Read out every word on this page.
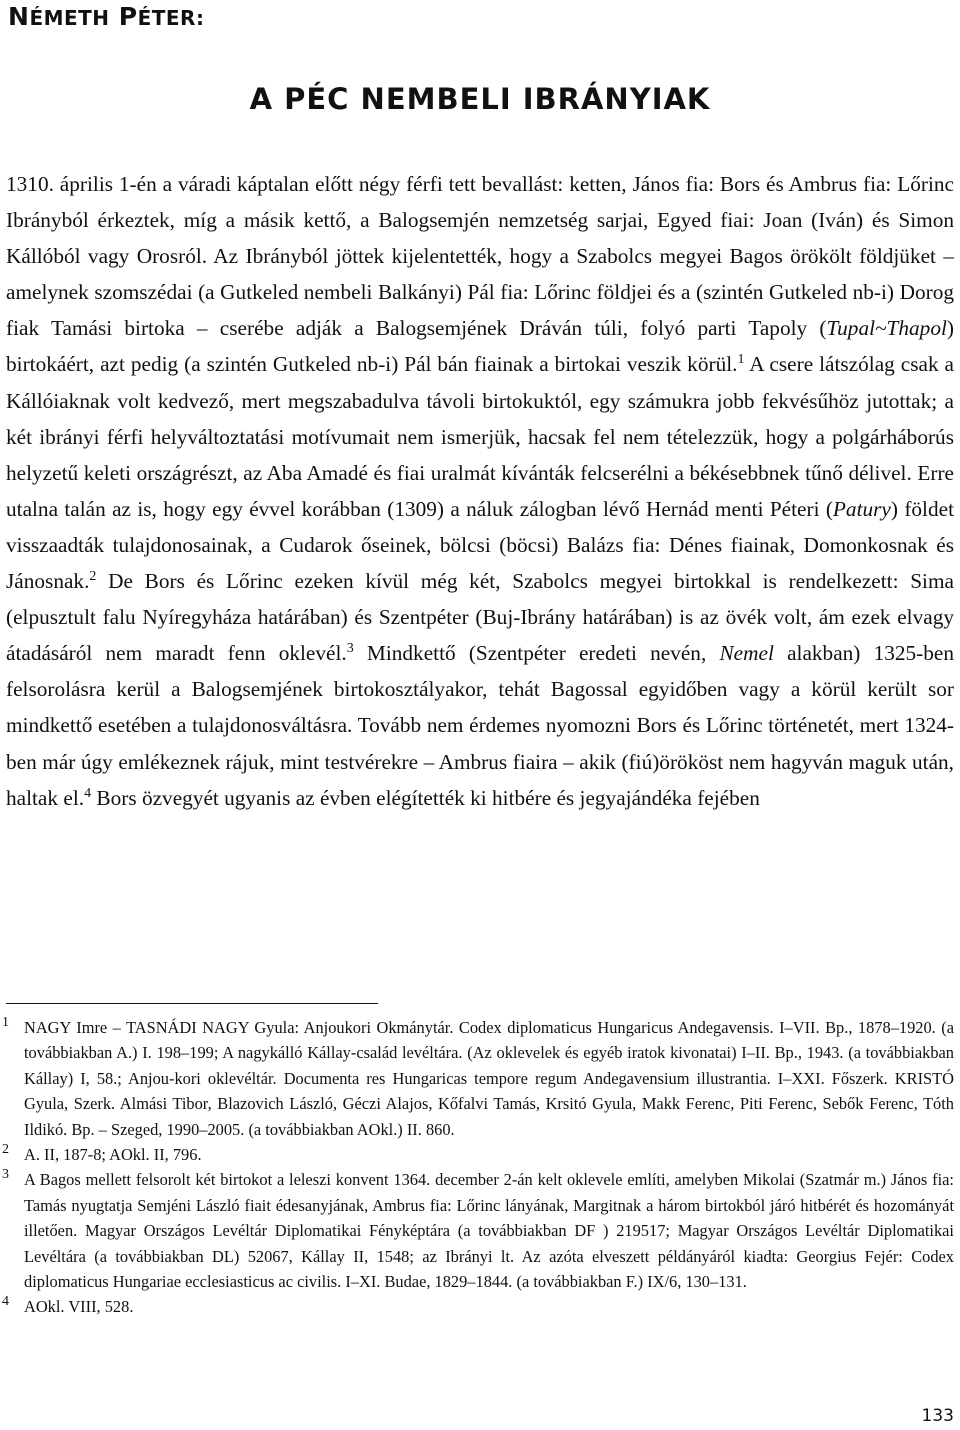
NÉMETH PÉTER:
A PÉC NEMBELI IBRÁNYIAK

1310. április 1-én a váradi káptalan előtt négy férfi tett bevallást: ketten, János fia: Bors és Ambrus fia: Lőrinc Ibrányból érkeztek, míg a másik kettő, a Balogsemjén nemzetség sarjai, Egyed fiai: Joan (Iván) és Simon Kállóból vagy Orosról. Az Ibrányból jöttek kijelentették, hogy a Szabolcs megyei Bagos örökölt földjüket – amelynek szomszédai (a Gutkeled nembeli Balkányi) Pál fia: Lőrinc földjei és a (szintén Gutkeled nb-i) Dorog fiak Tamási birtoka – cserébe adják a Balogsemjének Dráván túli, folyó parti Tapoly (Tupal~Thapol) birtokáért, azt pedig (a szintén Gutkeled nb-i) Pál bán fiainak a birtokai veszik körül.$^1$ A csere látszólag csak a Kállóiaknak volt kedvező, mert megszabadulva távoli birtokuktól, egy számukra jobb fekvésűhöz jutottak; a két ibrányi férfi helyváltoztatási motívumait nem ismerjük, hacsak fel nem tételezzük, hogy a polgárháborús helyzetű keleti országrészt, az Aba Amadé és fiai uralmát kívánták felcserélni a békésebbnek tűnő délivel. Erre utalna talán az is, hogy egy évvel korábban (1309) a náluk zálogban lévő Hernád menti Péteri (Patury) földet visszaadták tulajdonosainak, a Cudarok őseinek, bölcsi (böcsi) Balázs fia: Dénes fiainak, Domonkosnak és Jánosnak.$^2$ De Bors és Lőrinc ezeken kívül még két, Szabolcs megyei birtokkal is rendelkezett: Sima (elpusztult falu Nyíregyháza határában) és Szentpéter (Buj-Ibrány határában) is az övék volt, ám ezek elvagy átadásáról nem maradt fenn oklevél.$^3$ Mindkettő (Szentpéter eredeti nevén, Nemel alakban) 1325-ben felsorolásra kerül a Balogsemjének birtokosztályakor, tehát Bagossal egyidőben vagy a körül került sor mindkettő esetében a tulajdonosváltásra. Tovább nem érdemes nyomozni Bors és Lőrinc történetét, mert 1324-ben már úgy emlékeznek rájuk, mint testvérekre – Ambrus fiaira – akik (fiú)örököst nem hagyván maguk után, haltak el.$^4$ Bors özvegyét ugyanis az évben elégítették ki hitbére és jegyajándéka fejében

1 NAGY Imre – TASNÁDI NAGY Gyula: Anjoukori Okmánytár. Codex diplomaticus Hungaricus Andegavensis. I–VII. Bp., 1878–1920. (a továbbiakban A.) I. 198–199; A nagykálló Kállay-család levéltára. (Az oklevelek és egyéb iratok kivonatai) I–II. Bp., 1943. (a továbbiakban Kállay) I, 58.; Anjou-kori oklevéltár. Documenta res Hungaricas tempore regum Andegavensium illustrantia. I–XXI. Főszerk. KRISTÓ Gyula, Szerk. Almási Tibor, Blazovich László, Géczi Alajos, Kőfalvi Tamás, Krsitó Gyula, Makk Ferenc, Piti Ferenc, Sebők Ferenc, Tóth Ildikó. Bp. – Szeged, 1990–2005. (a továbbiakban AOkl.) II. 860.
2 A. II, 187-8; AOkl. II, 796.
3 A Bagos mellett felsorolt két birtokot a leleszi konvent 1364. december 2-án kelt oklevele említi, amelyben Mikolai (Szatmár m.) János fia: Tamás nyugtatja Semjéni László fiait édesanyjának, Ambrus fia: Lőrinc lányának, Margitnak a három birtokból járó hitbérét és hozományát illetően. Magyar Országos Levéltár Diplomatikai Fényképtára (a továbbiakban DF ) 219517; Magyar Országos Levéltár Diplomatikai Levéltára (a továbbiakban DL) 52067, Kállay II, 1548; az Ibrányi lt. Az azóta elveszett példányáról kiadta: Georgius Fejér: Codex diplomaticus Hungariae ecclesiasticus ac civilis. I–XI. Budae, 1829–1844. (a továbbiakban F.) IX/6, 130–131.
4 AOkl. VIII, 528.
133
